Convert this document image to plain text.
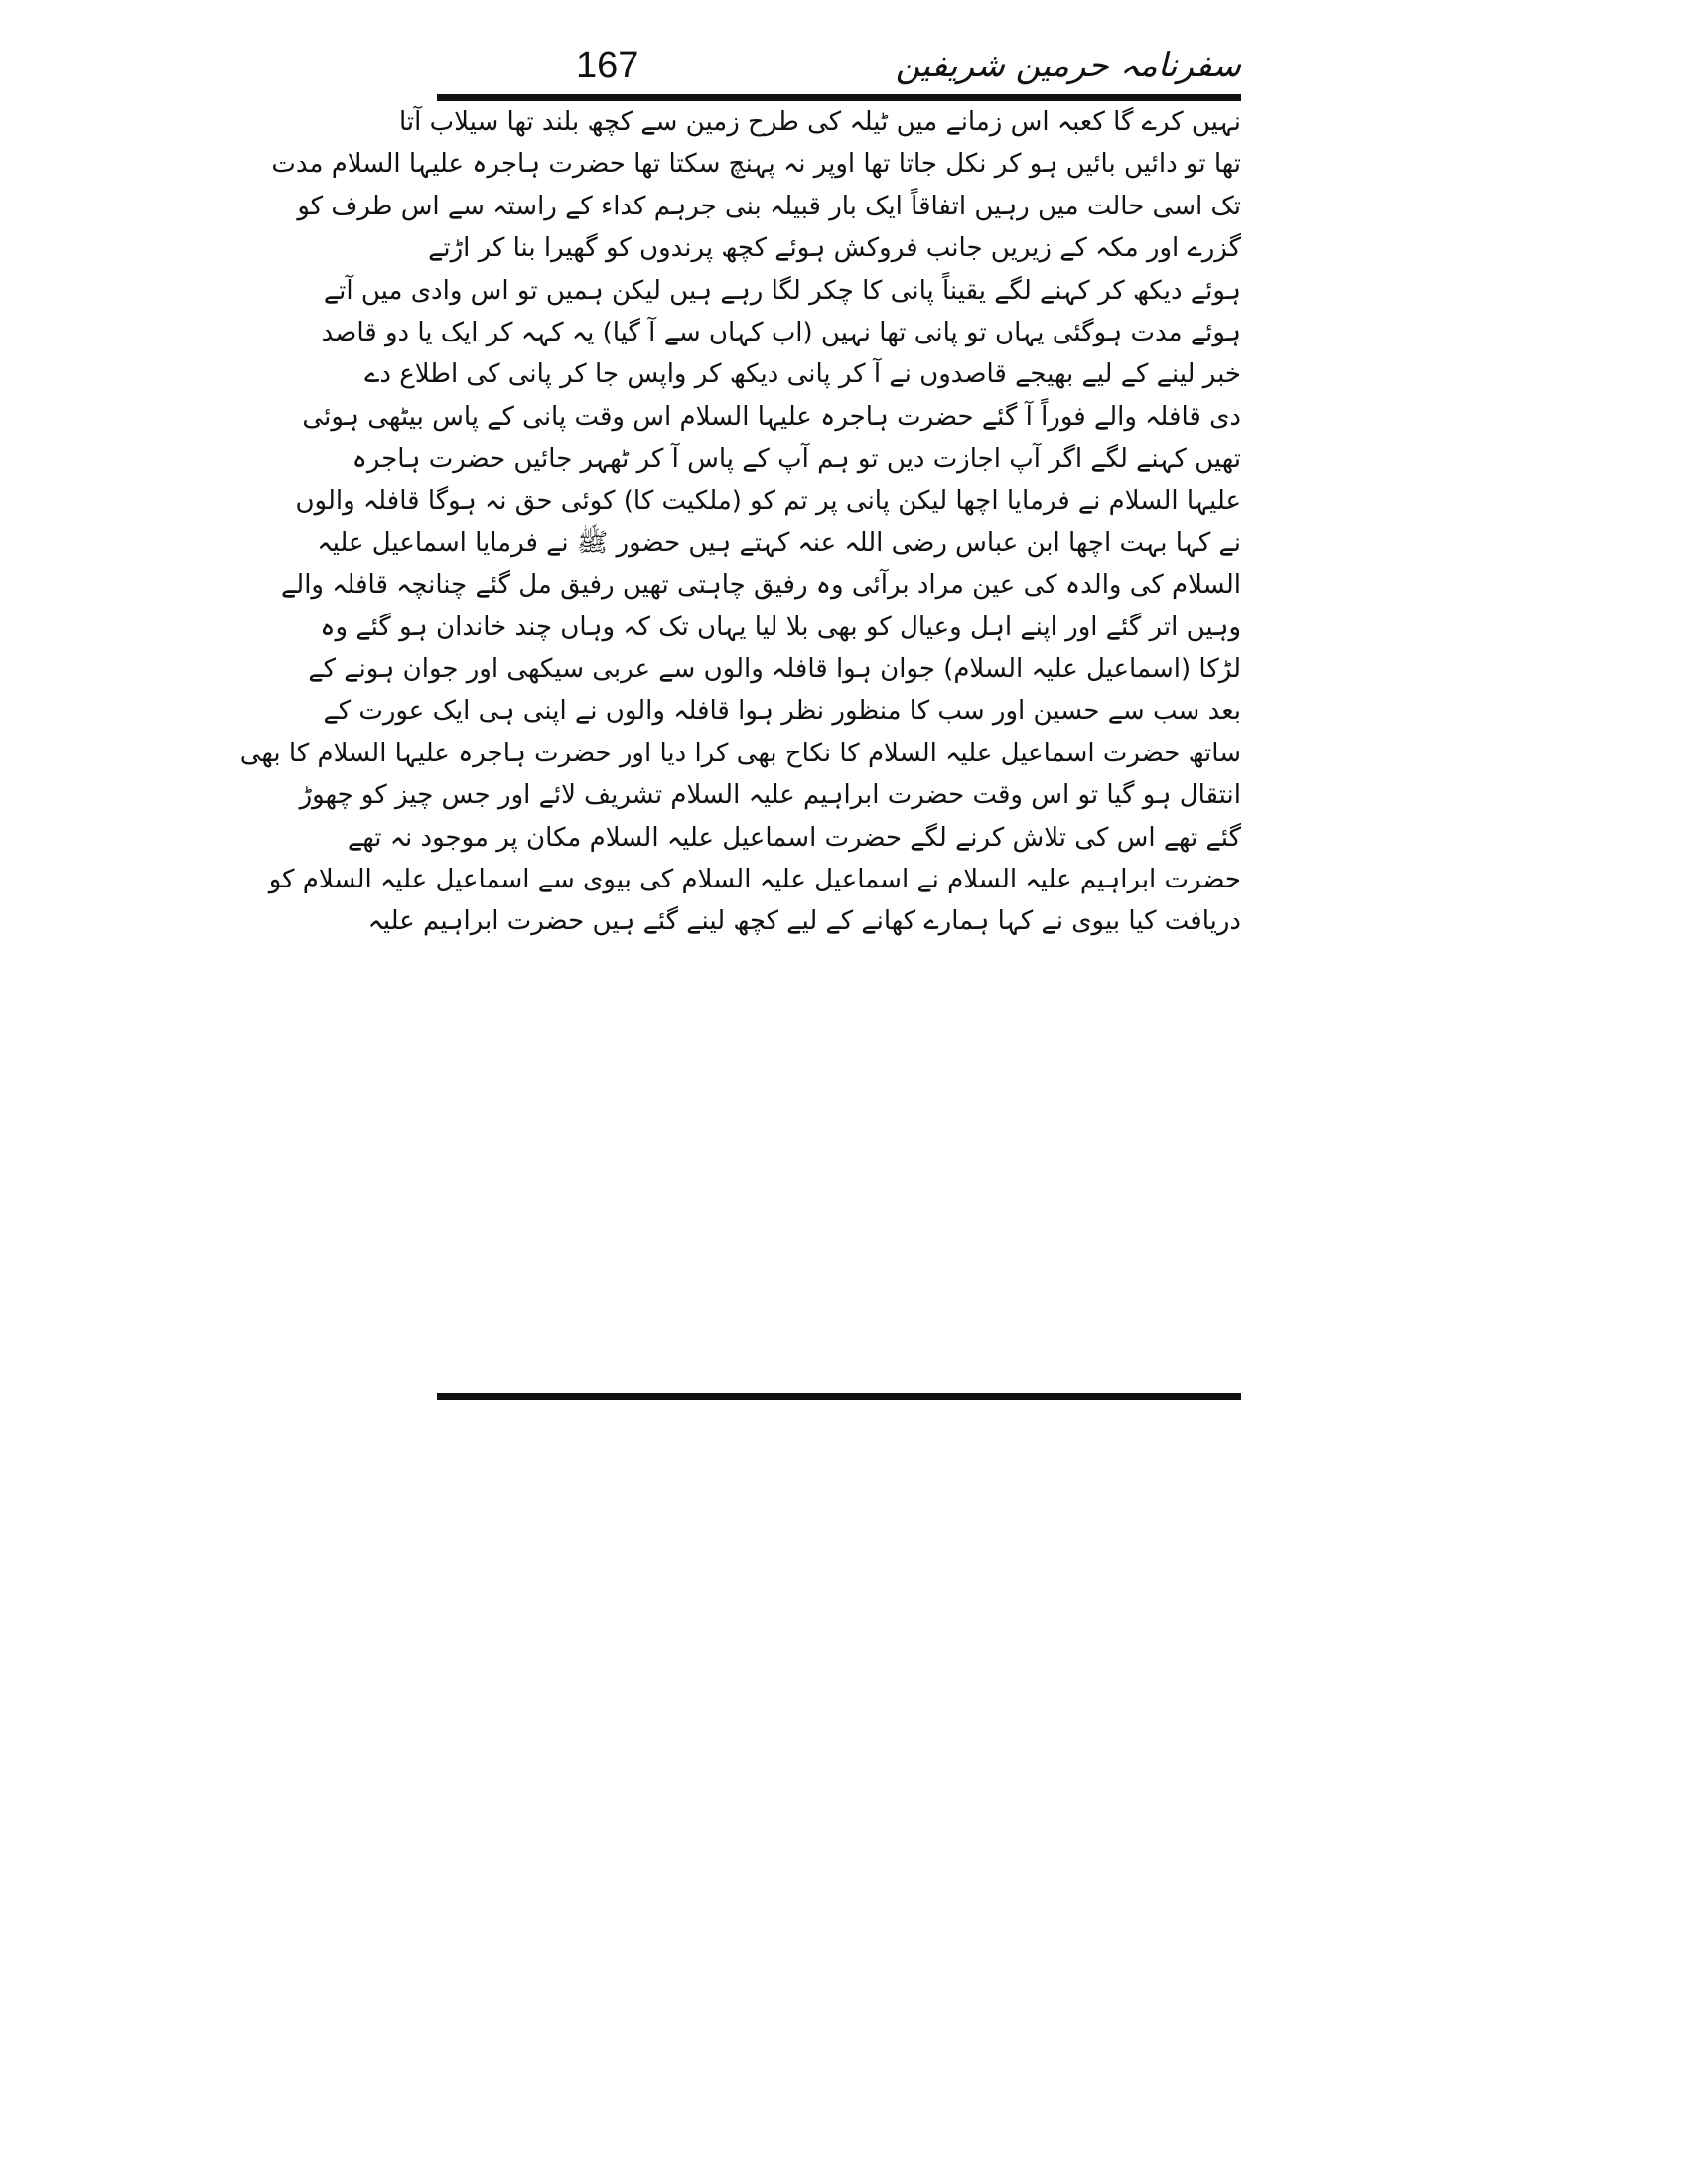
167	سفرنامہ حرمین شریفین
نہیں کرے گا کعبہ اس زمانے میں ٹیلہ کی طرح زمین سے کچھ بلند تھا سیلاب آتا
تھا تو دائیں بائیں ہو کر نکل جاتا تھا اوپر نہ پہنچ سکتا تھا حضرت ہاجرہ علیہا السلام مدت
تک اسی حالت میں رہیں اتفاقاً ایک بار قبیلہ بنی جرہم کداء کے راستہ سے اس طرف کو
گزرے اور مکہ کے زیریں جانب فروکش ہوئے کچھ پرندوں کو گھیرا بنا کر اڑتے
ہوئے دیکھ کر کہنے لگے یقیناً پانی کا چکر لگا رہے ہیں لیکن ہمیں تو اس وادی میں آتے
ہوئے مدت ہوگئی یہاں تو پانی تھا نہیں (اب کہاں سے آ گیا) یہ کہہ کر ایک یا دو قاصد
خبر لینے کے لیے بھیجے قاصدوں نے آ کر پانی دیکھ کر واپس جا کر پانی کی اطلاع دے
دی قافلہ والے فوراً آ گئے حضرت ہاجرہ علیہا السلام اس وقت پانی کے پاس بیٹھی ہوئی
تھیں کہنے لگے اگر آپ اجازت دیں تو ہم آپ کے پاس آ کر ٹھہر جائیں حضرت ہاجرہ
علیہا السلام نے فرمایا اچھا لیکن پانی پر تم کو (ملکیت کا) کوئی حق نہ ہوگا قافلہ والوں
نے کہا بہت اچھا ابن عباس رضی اللہ عنہ کہتے ہیں حضور ﷺ نے فرمایا اسماعیل علیہ
السلام کی والدہ کی عین مراد برآئی وہ رفیق چاہتی تھیں رفیق مل گئے چنانچہ قافلہ والے
وہیں اتر گئے اور اپنے اہل وعیال کو بھی بلا لیا یہاں تک کہ وہاں چند خاندان ہو گئے وہ
لڑکا (اسماعیل علیہ السلام) جوان ہوا قافلہ والوں سے عربی سیکھی اور جوان ہونے کے
بعد سب سے حسین اور سب کا منظور نظر ہوا قافلہ والوں نے اپنی ہی ایک عورت کے
ساتھ حضرت اسماعیل علیہ السلام کا نکاح بھی کرا دیا اور حضرت ہاجرہ علیہا السلام کا بھی
انتقال ہو گیا تو اس وقت حضرت ابراہیم علیہ السلام تشریف لائے اور جس چیز کو چھوڑ
گئے تھے اس کی تلاش کرنے لگے حضرت اسماعیل علیہ السلام مکان پر موجود نہ تھے
حضرت ابراہیم علیہ السلام نے اسماعیل علیہ السلام کی بیوی سے اسماعیل علیہ السلام کو
دریافت کیا بیوی نے کہا ہمارے کھانے کے لیے کچھ لینے گئے ہیں حضرت ابراہیم علیہ
